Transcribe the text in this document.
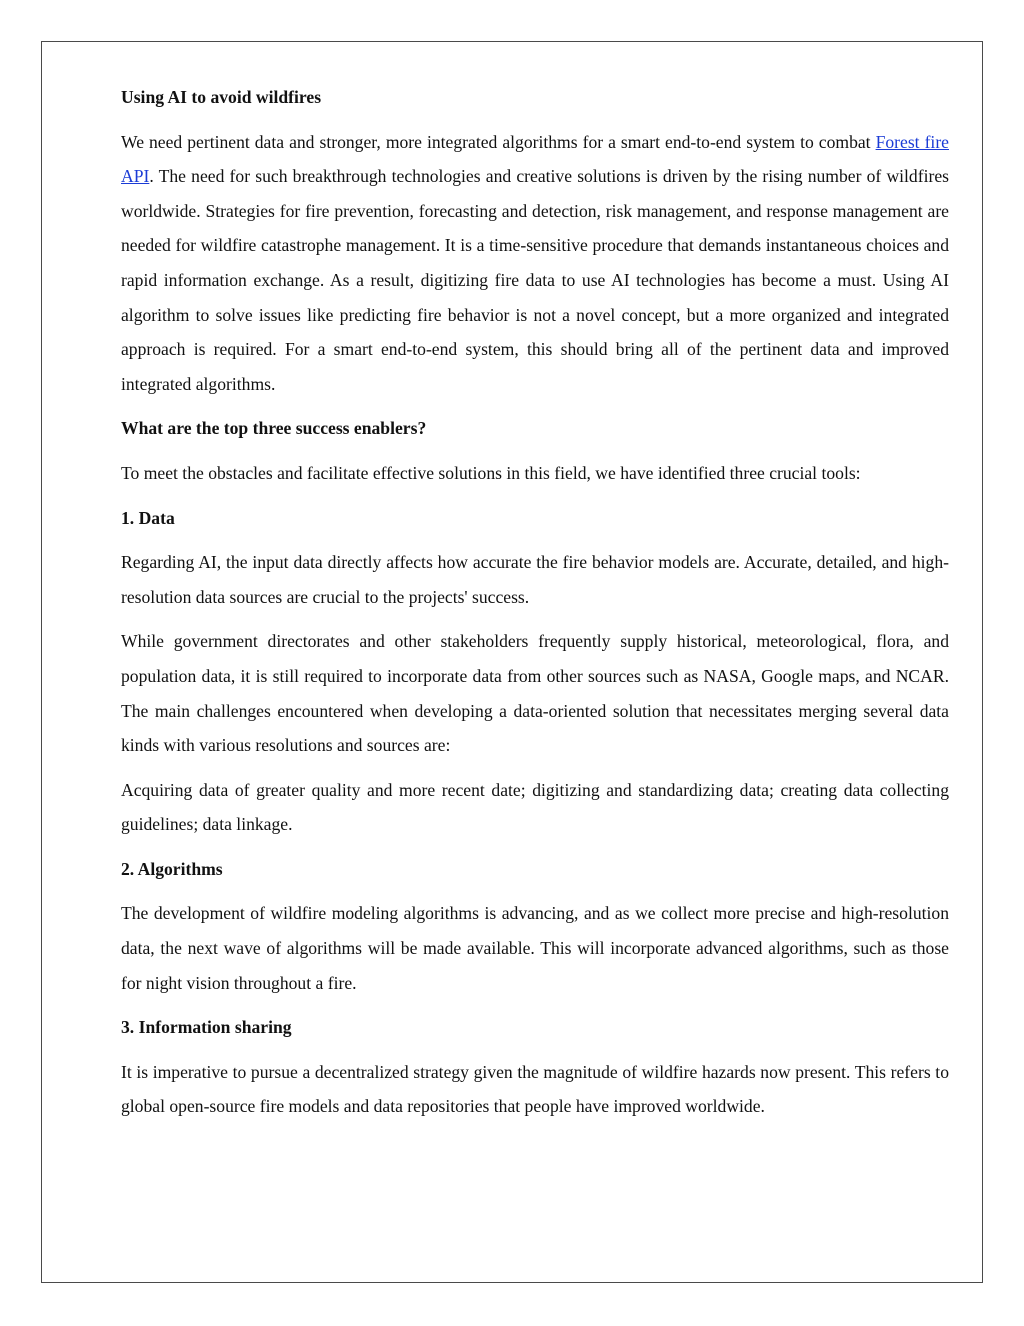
Using AI to avoid wildfires
We need pertinent data and stronger, more integrated algorithms for a smart end-to-end system to combat Forest fire API. The need for such breakthrough technologies and creative solutions is driven by the rising number of wildfires worldwide. Strategies for fire prevention, forecasting and detection, risk management, and response management are needed for wildfire catastrophe management. It is a time-sensitive procedure that demands instantaneous choices and rapid information exchange. As a result, digitizing fire data to use AI technologies has become a must. Using AI algorithm to solve issues like predicting fire behavior is not a novel concept, but a more organized and integrated approach is required. For a smart end-to-end system, this should bring all of the pertinent data and improved integrated algorithms.
What are the top three success enablers?
To meet the obstacles and facilitate effective solutions in this field, we have identified three crucial tools:
1. Data
Regarding AI, the input data directly affects how accurate the fire behavior models are. Accurate, detailed, and high-resolution data sources are crucial to the projects' success.
While government directorates and other stakeholders frequently supply historical, meteorological, flora, and population data, it is still required to incorporate data from other sources such as NASA, Google maps, and NCAR. The main challenges encountered when developing a data-oriented solution that necessitates merging several data kinds with various resolutions and sources are:
Acquiring data of greater quality and more recent date; digitizing and standardizing data; creating data collecting guidelines; data linkage.
2. Algorithms
The development of wildfire modeling algorithms is advancing, and as we collect more precise and high-resolution data, the next wave of algorithms will be made available. This will incorporate advanced algorithms, such as those for night vision throughout a fire.
3. Information sharing
It is imperative to pursue a decentralized strategy given the magnitude of wildfire hazards now present. This refers to global open-source fire models and data repositories that people have improved worldwide.
